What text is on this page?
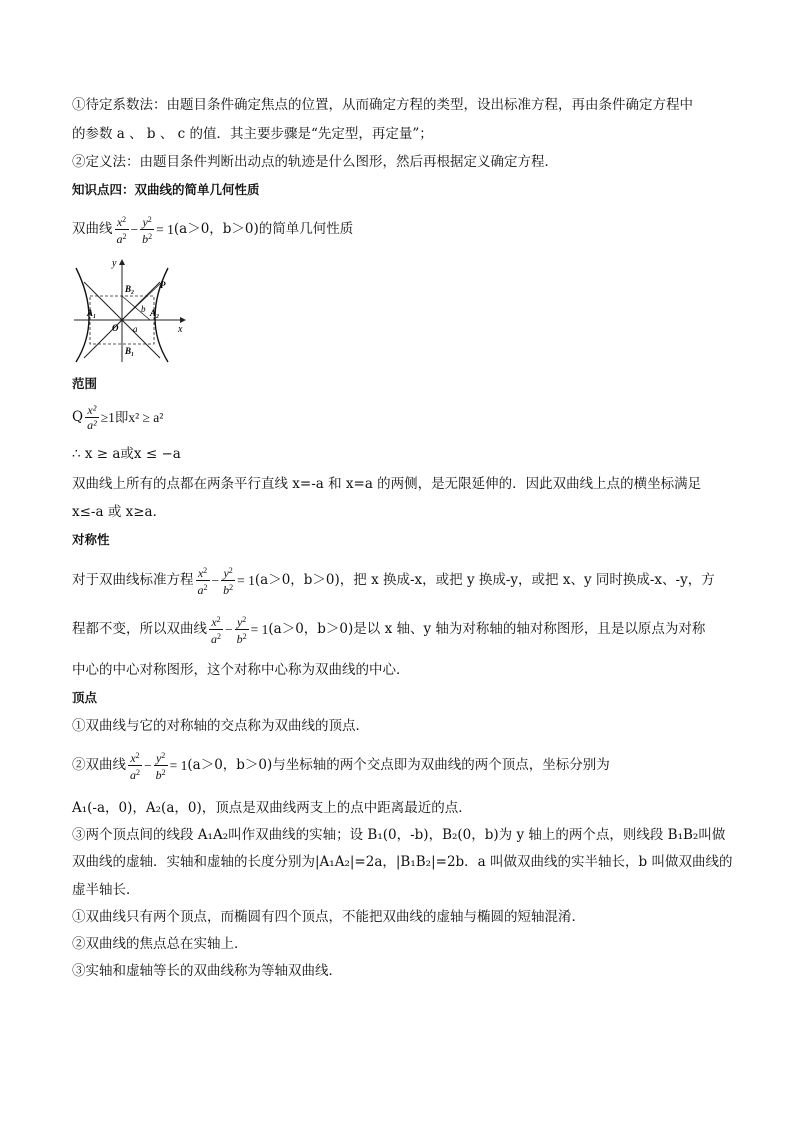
①待定系数法：由题目条件确定焦点的位置，从而确定方程的类型，设出标准方程，再由条件确定方程中
的参数 a 、 b 、 c 的值．其主要步骤是“先定型，再定量”；
②定义法：由题目条件判断出动点的轨迹是什么图形，然后再根据定义确定方程．
知识点四：双曲线的简单几何性质
双曲线 $\frac{x^2}{a^2} - \frac{y^2}{b^2} = 1(a>0$，b＞0)的简单几何性质
y
x
O
B₂
B₁
A₁	A₂
P
a
b
范围
Q $\frac{\text{x²}}{\text{a²}} \ge 1$即x² ≥ a²
∴ x ≥ a或x ≤ −a
双曲线上所有的点都在两条平行直线 x=-a 和 x=a 的两侧，是无限延伸的．因此双曲线上点的横坐标满足
x≤-a 或 x≥a．
对称性
对于双曲线标准方程 $\frac{x^2}{a^2} - \frac{y^2}{b^2} = 1(a>0$，b＞0)，把 x 换成-x，或把 y 换成-y，或把 x、y 同时换成-x、-y，方
程都不变，所以双曲线 $\frac{x^2}{a^2} - \frac{y^2}{b^2} = 1(a>0$，b＞0)是以 x 轴、y 轴为对称轴的轴对称图形，且是以原点为对称
中心的中心对称图形，这个对称中心称为双曲线的中心．
顶点
①双曲线与它的对称轴的交点称为双曲线的顶点．
②双曲线 $\frac{x^2}{a^2} - \frac{y^2}{b^2} = 1(a>0$，b＞0)与坐标轴的两个交点即为双曲线的两个顶点，坐标分别为
A₁(-a，0)，A₂(a，0)，顶点是双曲线两支上的点中距离最近的点．
③两个顶点间的线段 A₁A₂叫作双曲线的实轴；设 B₁(0，-b)，B₂(0，b)为 y 轴上的两个点，则线段 B₁B₂叫做
双曲线的虚轴．实轴和虚轴的长度分别为|A₁A₂|=2a，|B₁B₂|=2b．a 叫做双曲线的实半轴长，b 叫做双曲线的
虚半轴长．
①双曲线只有两个顶点，而椭圆有四个顶点，不能把双曲线的虚轴与椭圆的短轴混淆．
②双曲线的焦点总在实轴上．
③实轴和虚轴等长的双曲线称为等轴双曲线．
